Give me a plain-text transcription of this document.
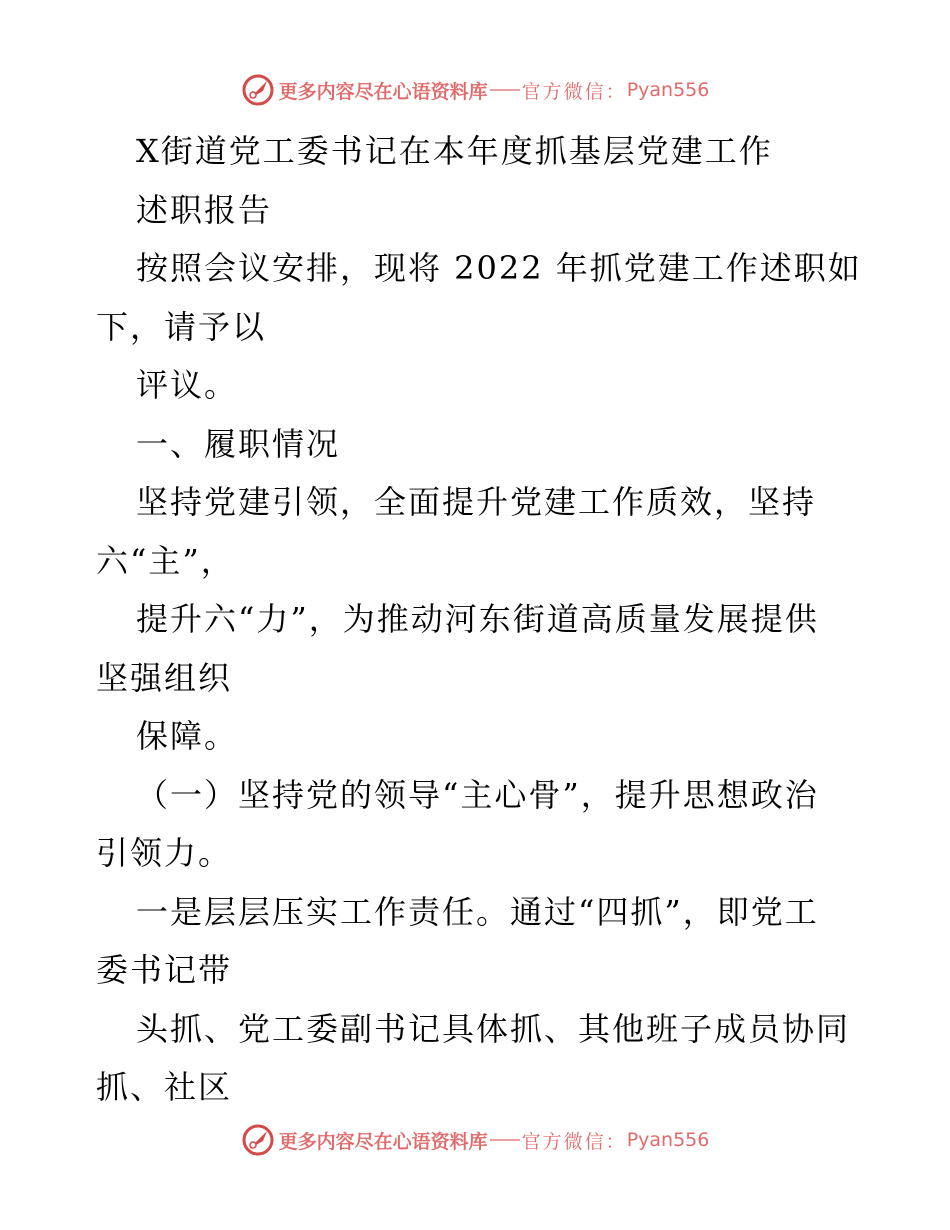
更多内容尽在心语资料库 官方微信： Pyan556
X街道党工委书记在本年度抓基层党建工作
述职报告
按照会议安排，现将 2022 年抓党建工作述职如
下，请予以
评议。
一、履职情况
坚持党建引领，全面提升党建工作质效，坚持
六“主”，
提升六“力”，为推动河东街道高质量发展提供
坚强组织
保障。
（一）坚持党的领导“主心骨”，提升思想政治
引领力。
一是层层压实工作责任。通过“四抓”，即党工
委书记带
头抓、党工委副书记具体抓、其他班子成员协同
抓、社区
更多内容尽在心语资料库 官方微信： Pyan556
